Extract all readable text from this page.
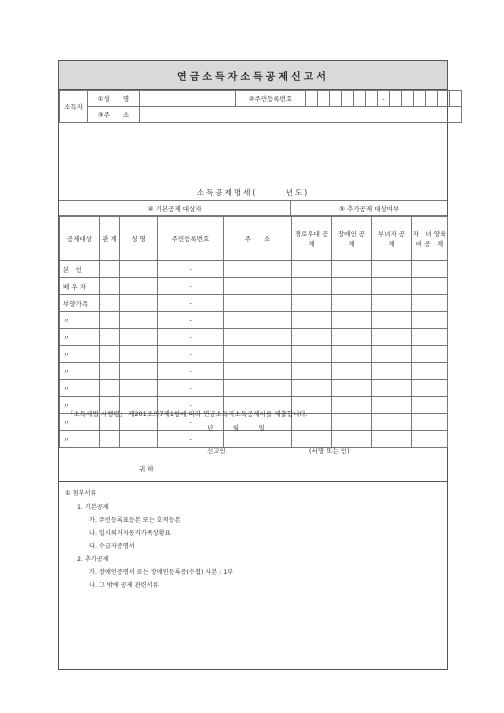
연금소득자소득공제신고서
소득자	①성　　명		②주민등록번호							-						
	③주　　소															
소득공제명세(　　　년도)
④ 기본공제 대상자	⑤ 추가공제 대상여부
공제대상	관 계	성 명	주민등록번호	주　　소	경로우대 공　제	장애인 공　제	부녀자 공　제	자　녀 양육비 공　제
본　인			-					
배 우 자			-					
부양가족			-					
〃			-					
〃			-					
〃			-					
〃			-					
〃			-					
〃			-					
〃			-					
〃			-					
「소득세법 시행령」 제201조의7제1항에 따라 연금소득자소득공제서를 제출합니다.
년　　　월　　　일
신고인	(서명 또는 인)
귀 하
① 첨부서류
1. 기본공제
가. 주민등록표등본 또는 호적등본
나. 일시퇴거자동거가족상황표
다. 수급자증명서
2. 추가공제
가. 장애인증명서 또는 장애인등록증(수첩) 사본 : 1부
나. 그 밖에 공제 관련서류
